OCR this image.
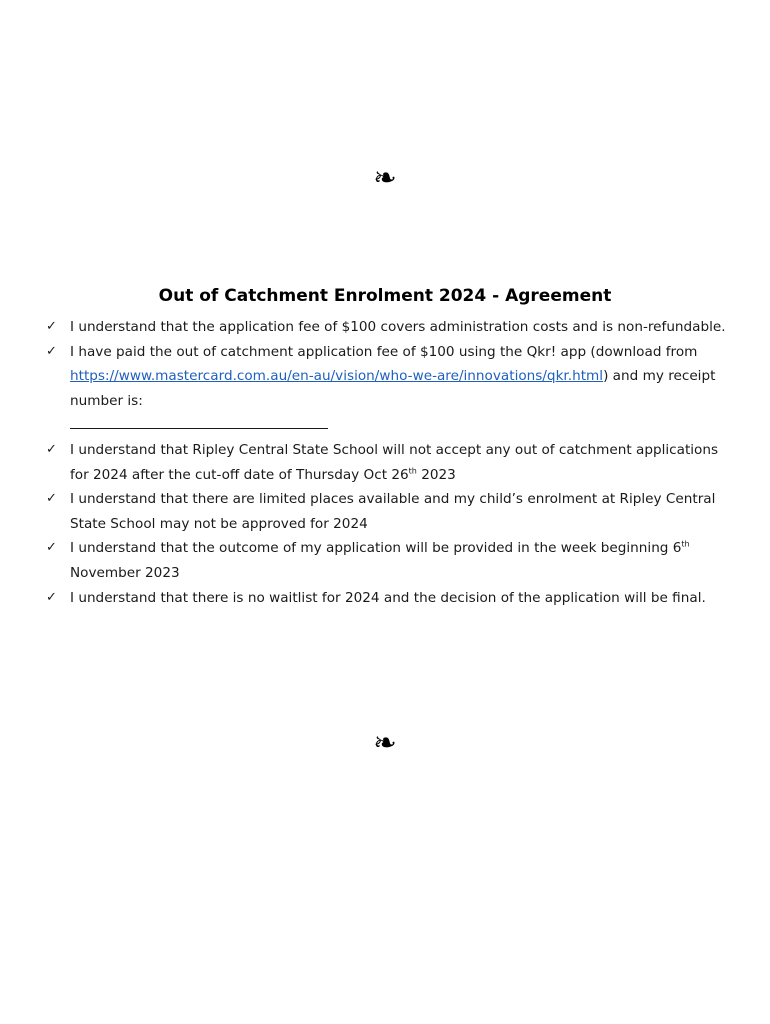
❧
Out of Catchment Enrolment 2024 - Agreement
✓ I understand that the application fee of $100 covers administration costs and is non-refundable.
✓ I have paid the out of catchment application fee of $100 using the Qkr! app (download from https://www.mastercard.com.au/en-au/vision/who-we-are/innovations/qkr.html) and my receipt number is:

✓ I understand that Ripley Central State School will not accept any out of catchment applications for 2024 after the cut-off date of Thursday Oct 26th 2023
✓ I understand that there are limited places available and my child’s enrolment at Ripley Central State School may not be approved for 2024
✓ I understand that the outcome of my application will be provided in the week beginning 6th November 2023
✓ I understand that there is no waitlist for 2024 and the decision of the application will be final.
❧
